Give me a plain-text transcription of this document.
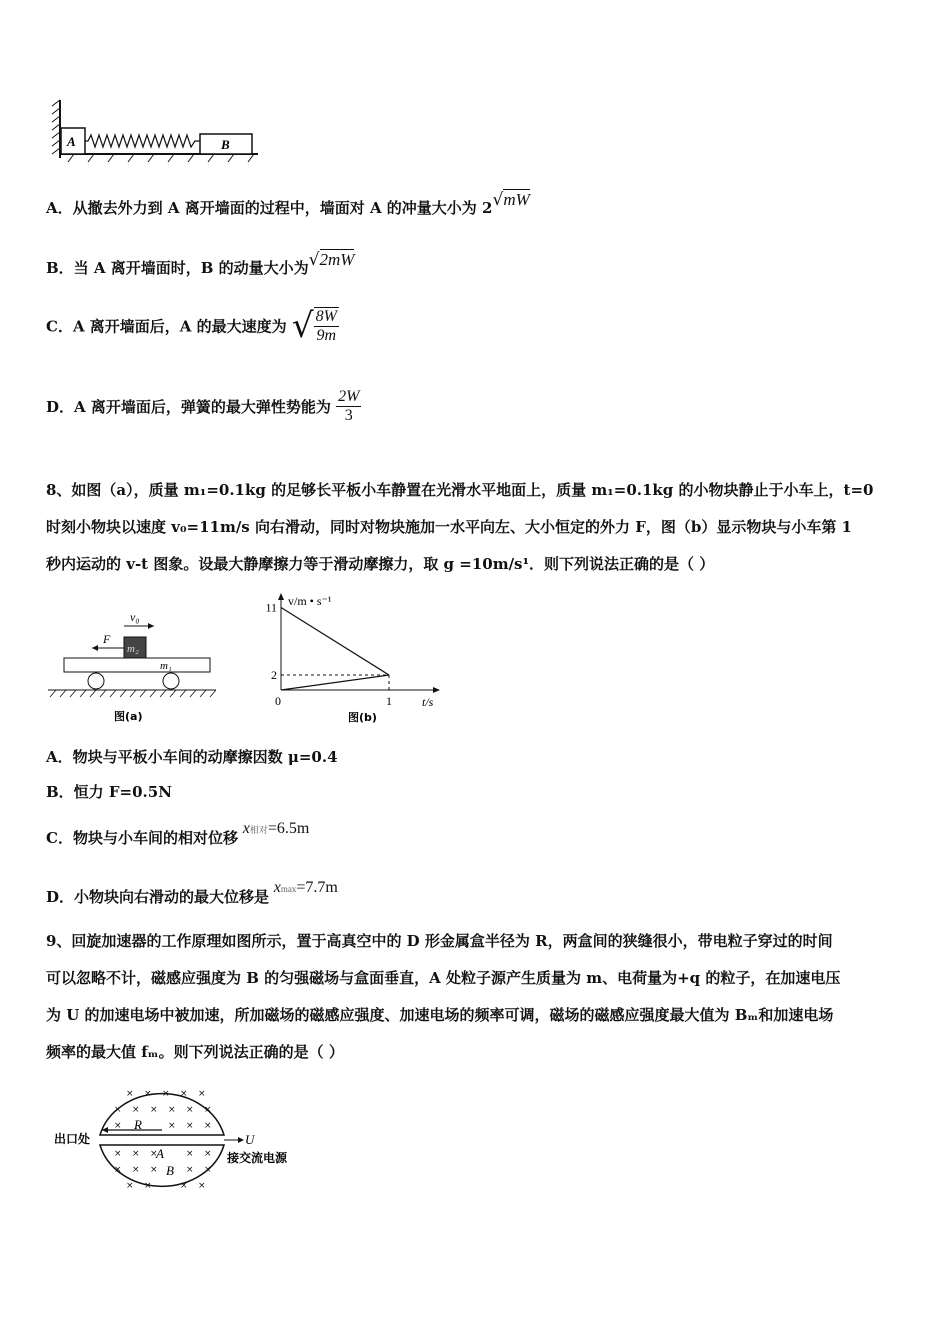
A	B
A．从撤去外力到 A 离开墙面的过程中，墙面对 A 的冲量大小为 2√mW
B．当 A 离开墙面时，B 的动量大小为√2mW
C．A 离开墙面后，A 的最大速度为 √ $\frac{8W}{9m}$
D．A 离开墙面后，弹簧的最大弹性势能为 $\frac{2W}{3}$
8、如图（a），质量 m₁=0.1kg 的足够长平板小车静置在光滑水平地面上，质量 m₁=0.1kg 的小物块静止于小车上，t=0
时刻小物块以速度 v₀=11m/s 向右滑动，同时对物块施加一水平向左、大小恒定的外力 F，图（b）显示物块与小车第 1
秒内运动的 v-t 图象。设最大静摩擦力等于滑动摩擦力，取 g =10m/s¹．则下列说法正确的是（ ）
v₀
F
m₂
m₁
图(a)
v/m • s⁻¹
t/s
0
2
11
1
图(b)
A．物块与平板小车间的动摩擦因数 μ=0.4
B．恒力 F=0.5N
C．物块与小车间的相对位移 x相对=6.5m
D．小物块向右滑动的最大位移是 xmax=7.7m
9、回旋加速器的工作原理如图所示，置于高真空中的 D 形金属盒半径为 R，两盒间的狭缝很小，带电粒子穿过的时间
可以忽略不计，磁感应强度为 B 的匀强磁场与盒面垂直，A 处粒子源产生质量为 m、电荷量为+q 的粒子，在加速电压
为 U 的加速电场中被加速，所加磁场的磁感应强度、加速电场的频率可调，磁场的磁感应强度最大值为 Bₘ和加速电场
频率的最大值 fₘ。则下列说法正确的是（ ）
× × × × ×
× × × × × ×
×	× × ×
× × ×	× ×
× × ×	× ×
× ×	× ×
R
U
出口处
接交流电源
A
B
